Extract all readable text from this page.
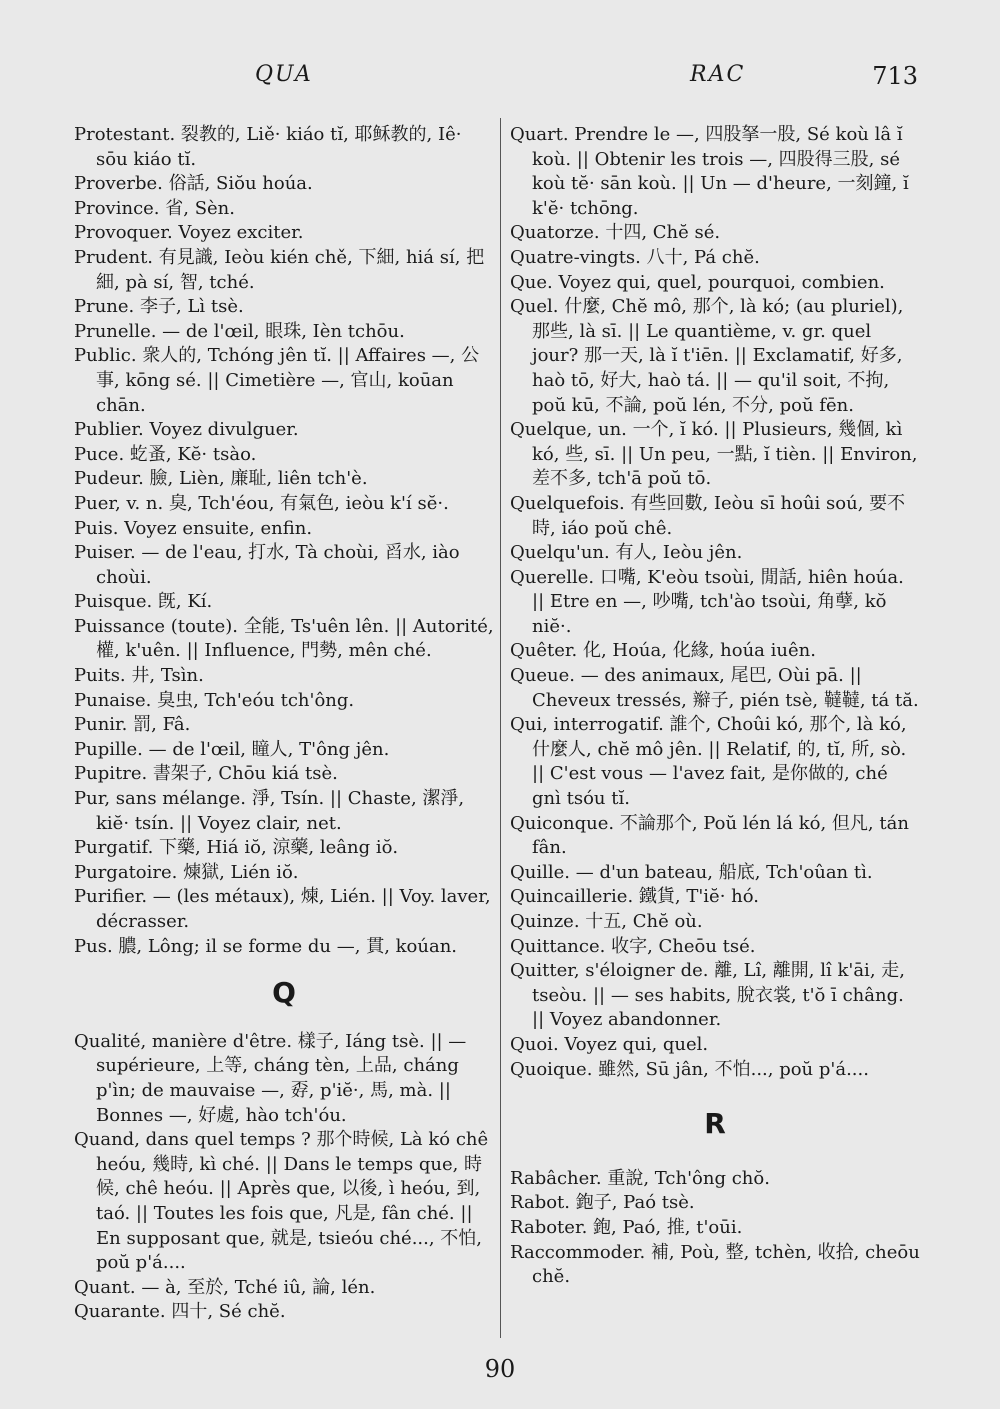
QUA	RAC	713

Protestant. 裂教的, Liě· kiáo tĭ, 耶稣教的, Iê· sōu kiáo tĭ.

Proverbe. 俗話, Siŏu hoúa.

Province. 省, Sèn.

Provoquer. Voyez exciter.

Prudent. 有見識, Ieòu kién chě, 下細, hiá sí, 把細, pà sí, 智, tché.

Prune. 李子, Lì tsè.

Prunelle. — de l'œil, 眼珠, Ièn tchōu.

Public. 衆人的, Tchóng jên tĭ. || Affaires —, 公事, kōng sé. || Cimetière —, 官山, koūan chān.

Publier. Voyez divulguer.

Puce. 虼蚤, Kĕ· tsào.

Pudeur. 臉, Lièn, 廉耻, liên tch'è.

Puer, v. n. 臭, Tch'éou, 有氣色, ieòu k'í sĕ·.

Puis. Voyez ensuite, enfin.

Puiser. — de l'eau, 打水, Tà choùi, 舀水, iào choùi.

Puisque. 旣, Kí.

Puissance (toute). 全能, Ts'uên lên. || Autorité, 權, k'uên. || Influence, 門勢, mên ché.

Puits. 井, Tsìn.

Punaise. 臭虫, Tch'eóu tch'ông.

Punir. 罰, Fâ.

Pupille. — de l'œil, 瞳人, T'ông jên.

Pupitre. 書架子, Chōu kiá tsè.

Pur, sans mélange. 淨, Tsín. || Chaste, 潔淨, kiĕ· tsín. || Voyez clair, net.

Purgatif. 下藥, Hiá iŏ, 涼藥, leâng iŏ.

Purgatoire. 煉獄, Lién iŏ.

Purifier. — (les métaux), 煉, Lién. || Voy. laver, décrasser.

Pus. 膿, Lông; il se forme du —, 貫, koúan.

Q

Qualité, manière d'être. 樣子, Iáng tsè. || — supérieure, 上等, cháng tèn, 上品, cháng p'ìn; de mauvaise —, 孬, p'iĕ·, 馬, mà. || Bonnes —, 好處, hào tch'óu.

Quand, dans quel temps ? 那个時候, Là kó chê heóu, 幾時, kì ché. || Dans le temps que, 時候, chê heóu. || Après que, 以後, ì heóu, 到, taó. || Toutes les fois que, 凡是, fân ché. || En supposant que, 就是, tsieóu ché..., 不怕, poŭ p'á....

Quant. — à, 至於, Tché iû, 論, lén.

Quarante. 四十, Sé chĕ.

Quart. Prendre le —, 四股拏一股, Sé koù lâ ĭ koù. || Obtenir les trois —, 四股得三股, sé koù tĕ· sān koù. || Un — d'heure, 一刻鐘, ĭ k'ĕ· tchōng.

Quatorze. 十四, Chĕ sé.

Quatre-vingts. 八十, Pá chĕ.

Que. Voyez qui, quel, pourquoi, combien.

Quel. 什麼, Chĕ mô, 那个, là kó; (au pluriel), 那些, là sī. || Le quantième, v. gr. quel jour? 那一天, là ĭ t'iēn. || Exclamatif, 好多, haò tō, 好大, haò tá. || — qu'il soit, 不拘, poŭ kū, 不論, poŭ lén, 不分, poŭ fēn.

Quelque, un. 一个, ĭ kó. || Plusieurs, 幾個, kì kó, 些, sī. || Un peu, 一點, ĭ tièn. || Environ, 差不多, tch'ā poŭ tō.

Quelquefois. 有些回數, Ieòu sī hoûi soú, 要不時, iáo poŭ chê.

Quelqu'un. 有人, Ieòu jên.

Querelle. 口嘴, K'eòu tsoùi, 閒話, hiên hoúa. || Etre en —, 吵嘴, tch'ào tsoùi, 角孽, kŏ niĕ·.

Quêter. 化, Hoúa, 化緣, hoúa iuên.

Queue. — des animaux, 尾巴, Oùi pā. || Cheveux tressés, 辮子, pién tsè, 韃韃, tá tă.

Qui, interrogatif. 誰个, Choûi kó, 那个, là kó, 什麼人, chĕ mô jên. || Relatif, 的, tĭ, 所, sò. || C'est vous — l'avez fait, 是你做的, ché gnì tsóu tĭ.

Quiconque. 不論那个, Poŭ lén lá kó, 但凡, tán fân.

Quille. — d'un bateau, 船底, Tch'oûan tì.

Quincaillerie. 鐵貨, T'iĕ· hó.

Quinze. 十五, Chĕ où.

Quittance. 收字, Cheōu tsé.

Quitter, s'éloigner de. 離, Lî, 離開, lî k'āi, 走, tseòu. || — ses habits, 脫衣裳, t'ŏ ī châng. || Voyez abandonner.

Quoi. Voyez qui, quel.

Quoique. 雖然, Sū jân, 不怕..., poŭ p'á....

R

Rabâcher. 重說, Tch'ông chŏ.

Rabot. 鉋子, Paó tsè.

Raboter. 鉋, Paó, 推, t'oūi.

Raccommoder. 補, Poù, 整, tchèn, 收拾, cheōu chĕ.

90
